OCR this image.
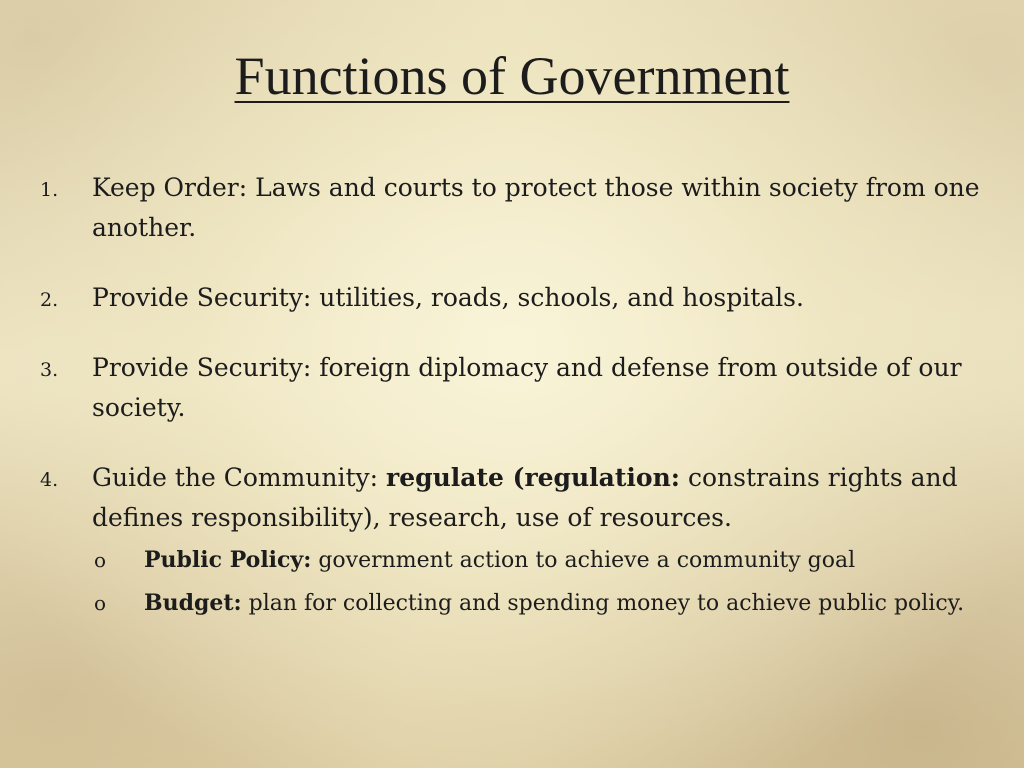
Functions of Government
1. Keep Order: Laws and courts to protect those within society from one another.
2. Provide Security: utilities, roads, schools, and hospitals.
3. Provide Security: foreign diplomacy and defense from outside of our society.
4. Guide the Community: regulate (regulation: constrains rights and defines responsibility), research, use of resources.
o Public Policy: government action to achieve a community goal
o Budget: plan for collecting and spending money to achieve public policy.
